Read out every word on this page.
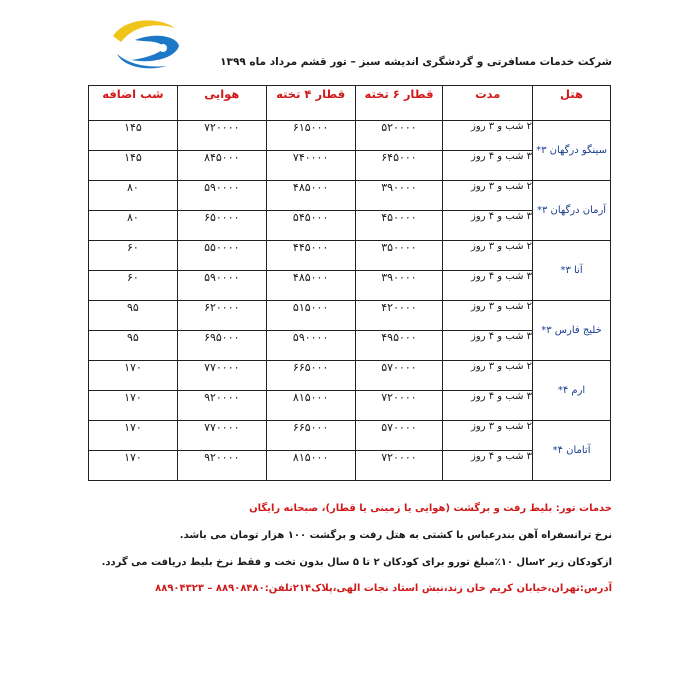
شرکت خدمات مسافرتی و گردشگری اندیشه سبز – تور قشم مرداد ماه ۱۳۹۹
هتل	مدت	قطار ۶ تخته	قطار ۴ تخته	هوایی	شب اضافه
سینگو درگهان ۳*	۲ شب و ۳ روز	۵۲۰۰۰۰	۶۱۵۰۰۰	۷۲۰۰۰۰	۱۴۵
	۳ شب و ۴ روز	۶۴۵۰۰۰	۷۴۰۰۰۰	۸۴۵۰۰۰	۱۴۵
آرمان درگهان ۳*	۲ شب و ۳ روز	۳۹۰۰۰۰	۴۸۵۰۰۰	۵۹۰۰۰۰	۸۰
	۳ شب و ۴ روز	۴۵۰۰۰۰	۵۴۵۰۰۰	۶۵۰۰۰۰	۸۰
آنا ۳*	۲ شب و ۳ روز	۳۵۰۰۰۰	۴۴۵۰۰۰	۵۵۰۰۰۰	۶۰
	۳ شب و ۴ روز	۳۹۰۰۰۰	۴۸۵۰۰۰	۵۹۰۰۰۰	۶۰
خلیج فارس ۳*	۲ شب و ۳ روز	۴۲۰۰۰۰	۵۱۵۰۰۰	۶۲۰۰۰۰	۹۵
	۳ شب و ۴ روز	۴۹۵۰۰۰	۵۹۰۰۰۰	۶۹۵۰۰۰	۹۵
ارم ۴*	۲ شب و ۳ روز	۵۷۰۰۰۰	۶۶۵۰۰۰	۷۷۰۰۰۰	۱۷۰
	۳ شب و ۴ روز	۷۲۰۰۰۰	۸۱۵۰۰۰	۹۲۰۰۰۰	۱۷۰
آتامان ۴*	۲ شب و ۳ روز	۵۷۰۰۰۰	۶۶۵۰۰۰	۷۷۰۰۰۰	۱۷۰
	۳ شب و ۴ روز	۷۲۰۰۰۰	۸۱۵۰۰۰	۹۲۰۰۰۰	۱۷۰
خدمات تور: بلیط رفت و برگشت (هوایی یا زمینی یا قطار)، صبحانه رایگان
نرخ ترانسفراه آهن بندرعباس با کشتی به هتل رفت و برگشت ۱۰۰ هزار تومان می باشد.
ازکودکان زیر ۲سال ۱۰٪مبلغ تورو برای کودکان ۲ تا ۵ سال بدون تخت و فقط نرخ بلیط دریافت می گردد.
آدرس:تهران،خیابان کریم خان زند،نبش استاد نجات الهی،پلاک۲۱۴تلفن:۸۸۹۰۸۴۸۰ – ۸۸۹۰۴۳۲۳
